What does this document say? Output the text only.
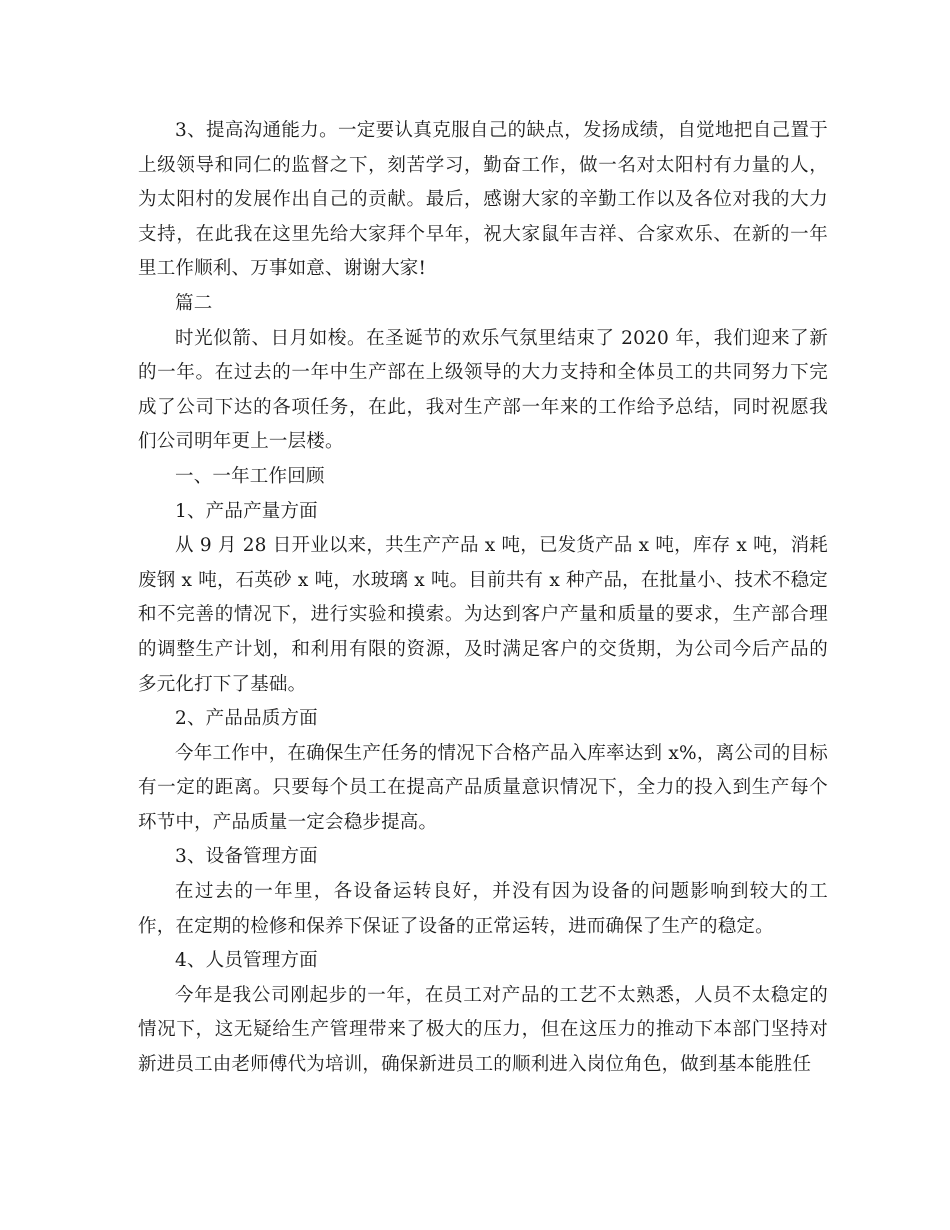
3、提高沟通能力。一定要认真克服自己的缺点，发扬成绩，自觉地把自己置于上级领导和同仁的监督之下，刻苦学习，勤奋工作，做一名对太阳村有力量的人，为太阳村的发展作出自己的贡献。最后，感谢大家的辛勤工作以及各位对我的大力支持，在此我在这里先给大家拜个早年，祝大家鼠年吉祥、合家欢乐、在新的一年里工作顺利、万事如意、谢谢大家!

篇二

时光似箭、日月如梭。在圣诞节的欢乐气氛里结束了 2020 年，我们迎来了新的一年。在过去的一年中生产部在上级领导的大力支持和全体员工的共同努力下完成了公司下达的各项任务，在此，我对生产部一年来的工作给予总结，同时祝愿我们公司明年更上一层楼。

一、一年工作回顾

1、产品产量方面

从 9 月 28 日开业以来，共生产产品 x 吨，已发货产品 x 吨，库存 x 吨，消耗废钢 x 吨，石英砂 x 吨，水玻璃 x 吨。目前共有 x 种产品，在批量小、技术不稳定和不完善的情况下，进行实验和摸索。为达到客户产量和质量的要求，生产部合理的调整生产计划，和利用有限的资源，及时满足客户的交货期，为公司今后产品的多元化打下了基础。

2、产品品质方面

今年工作中，在确保生产任务的情况下合格产品入库率达到 x%，离公司的目标有一定的距离。只要每个员工在提高产品质量意识情况下，全力的投入到生产每个环节中，产品质量一定会稳步提高。

3、设备管理方面

在过去的一年里，各设备运转良好，并没有因为设备的问题影响到较大的工作，在定期的检修和保养下保证了设备的正常运转，进而确保了生产的稳定。

4、人员管理方面

今年是我公司刚起步的一年，在员工对产品的工艺不太熟悉，人员不太稳定的情况下，这无疑给生产管理带来了极大的压力，但在这压力的推动下本部门坚持对新进员工由老师傅代为培训，确保新进员工的顺利进入岗位角色，做到基本能胜任
